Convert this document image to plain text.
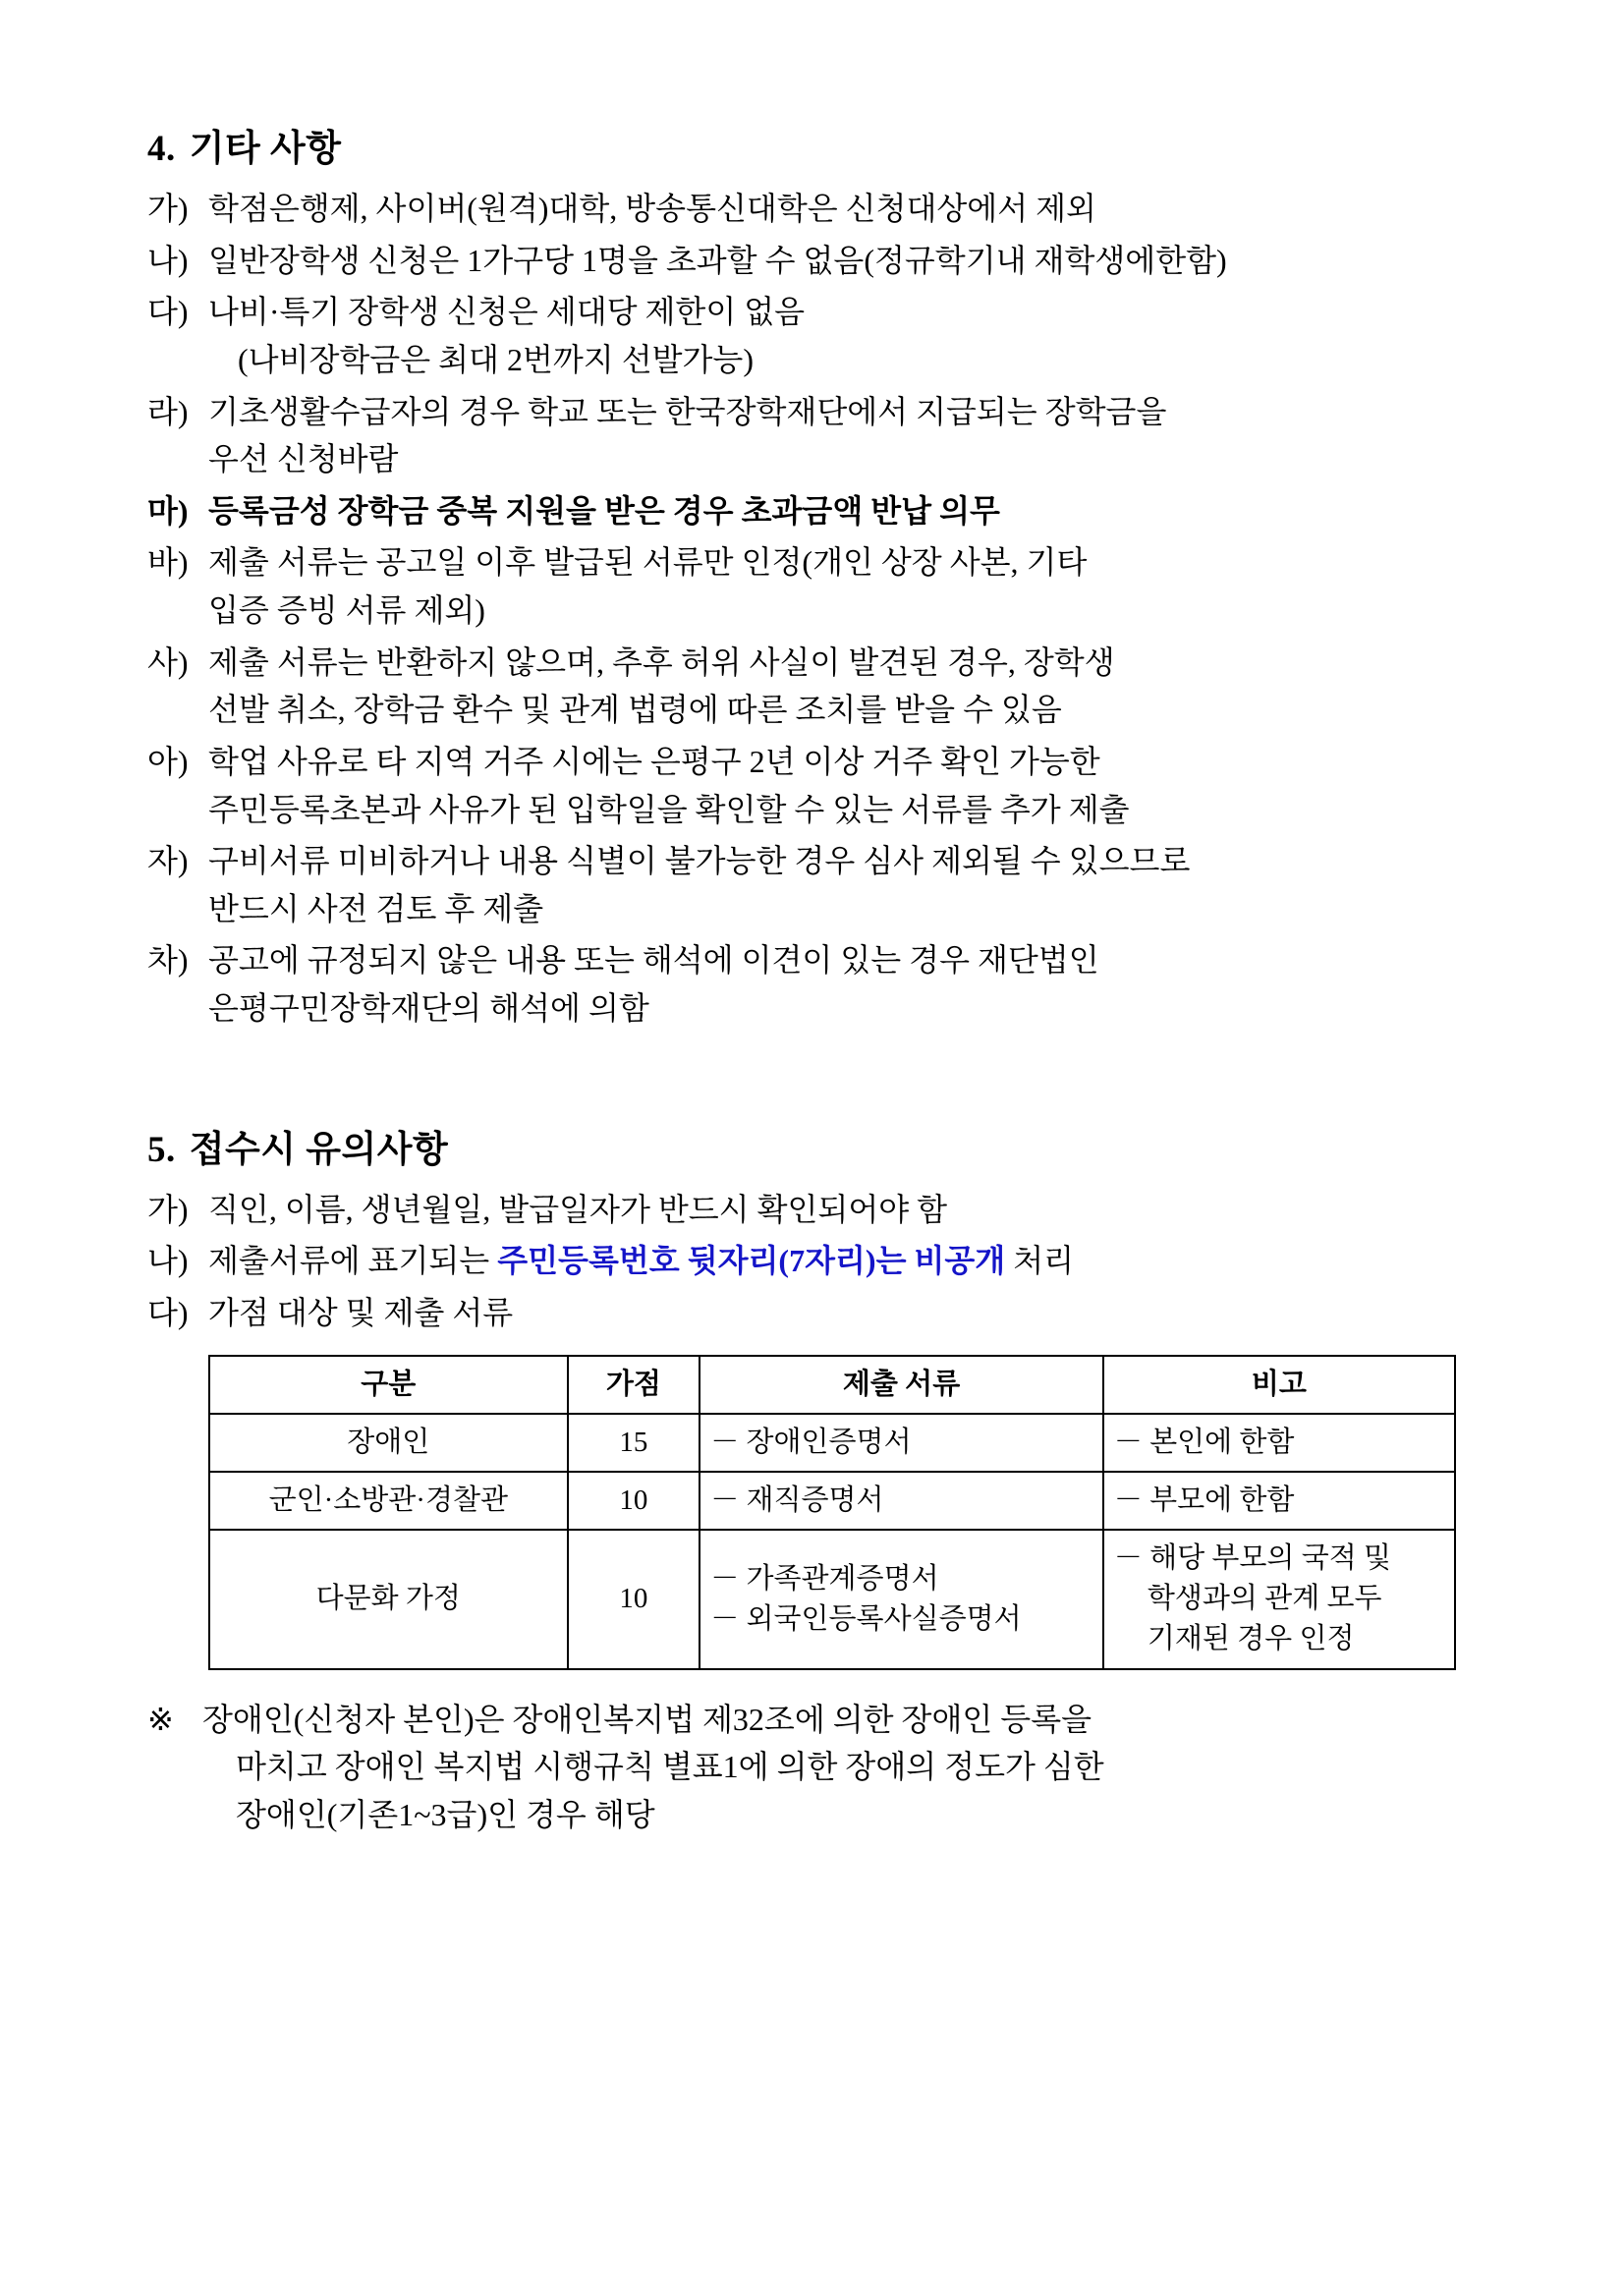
4. 기타 사항
가) 학점은행제, 사이버(원격)대학, 방송통신대학은 신청대상에서 제외
나) 일반장학생 신청은 1가구당 1명을 초과할 수 없음(정규학기내 재학생에한함)
다) 나비·특기 장학생 신청은 세대당 제한이 없음
(나비장학금은 최대 2번까지 선발가능)
라) 기초생활수급자의 경우 학교 또는 한국장학재단에서 지급되는 장학금을
우선 신청바람
마) 등록금성 장학금 중복 지원을 받은 경우 초과금액 반납 의무
바) 제출 서류는 공고일 이후 발급된 서류만 인정(개인 상장 사본, 기타
입증 증빙 서류 제외)
사) 제출 서류는 반환하지 않으며, 추후 허위 사실이 발견된 경우, 장학생
선발 취소, 장학금 환수 및 관계 법령에 따른 조치를 받을 수 있음
아) 학업 사유로 타 지역 거주 시에는 은평구 2년 이상 거주 확인 가능한
주민등록초본과 사유가 된 입학일을 확인할 수 있는 서류를 추가 제출
자) 구비서류 미비하거나 내용 식별이 불가능한 경우 심사 제외될 수 있으므로
반드시 사전 검토 후 제출
차) 공고에 규정되지 않은 내용 또는 해석에 이견이 있는 경우 재단법인
은평구민장학재단의 해석에 의함
5. 접수시 유의사항
가) 직인, 이름, 생년월일, 발급일자가 반드시 확인되어야 함
나) 제출서류에 표기되는 주민등록번호 뒷자리(7자리)는 비공개 처리
다) 가점 대상 및 제출 서류
구분	가점	제출 서류	비고
장애인	15	－ 장애인증명서	－ 본인에 한함

군인·소방관·경찰관	10	－ 재직증명서	－ 부모에 한함

다문화 가정	10	－ 가족관계증명서
－ 외국인등록사실증명서	－ 해당 부모의 국적 및
학생과의 관계 모두
기재된 경우 인정
※ 장애인(신청자 본인)은 장애인복지법 제32조에 의한 장애인 등록을
마치고 장애인 복지법 시행규칙 별표1에 의한 장애의 정도가 심한
장애인(기존1~3급)인 경우 해당
